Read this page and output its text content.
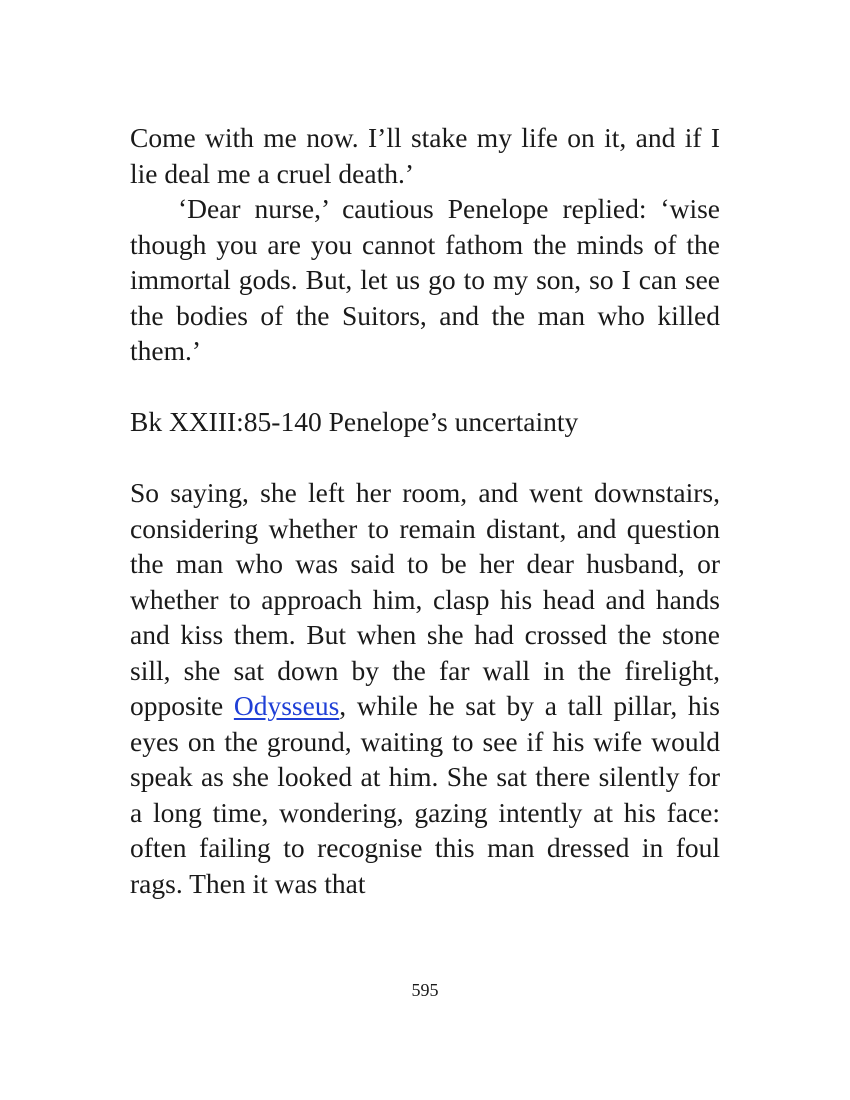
Come with me now. I’ll stake my life on it, and if I lie deal me a cruel death.’

‘Dear nurse,’ cautious Penelope replied: ‘wise though you are you cannot fathom the minds of the immortal gods. But, let us go to my son, so I can see the bodies of the Suitors, and the man who killed them.’

Bk XXIII:85-140 Penelope’s uncertainty

So saying, she left her room, and went downstairs, considering whether to remain distant, and question the man who was said to be her dear husband, or whether to approach him, clasp his head and hands and kiss them. But when she had crossed the stone sill, she sat down by the far wall in the firelight, opposite Odysseus, while he sat by a tall pillar, his eyes on the ground, waiting to see if his wife would speak as she looked at him. She sat there silently for a long time, wondering, gazing intently at his face: often failing to recognise this man dressed in foul rags. Then it was that

595
